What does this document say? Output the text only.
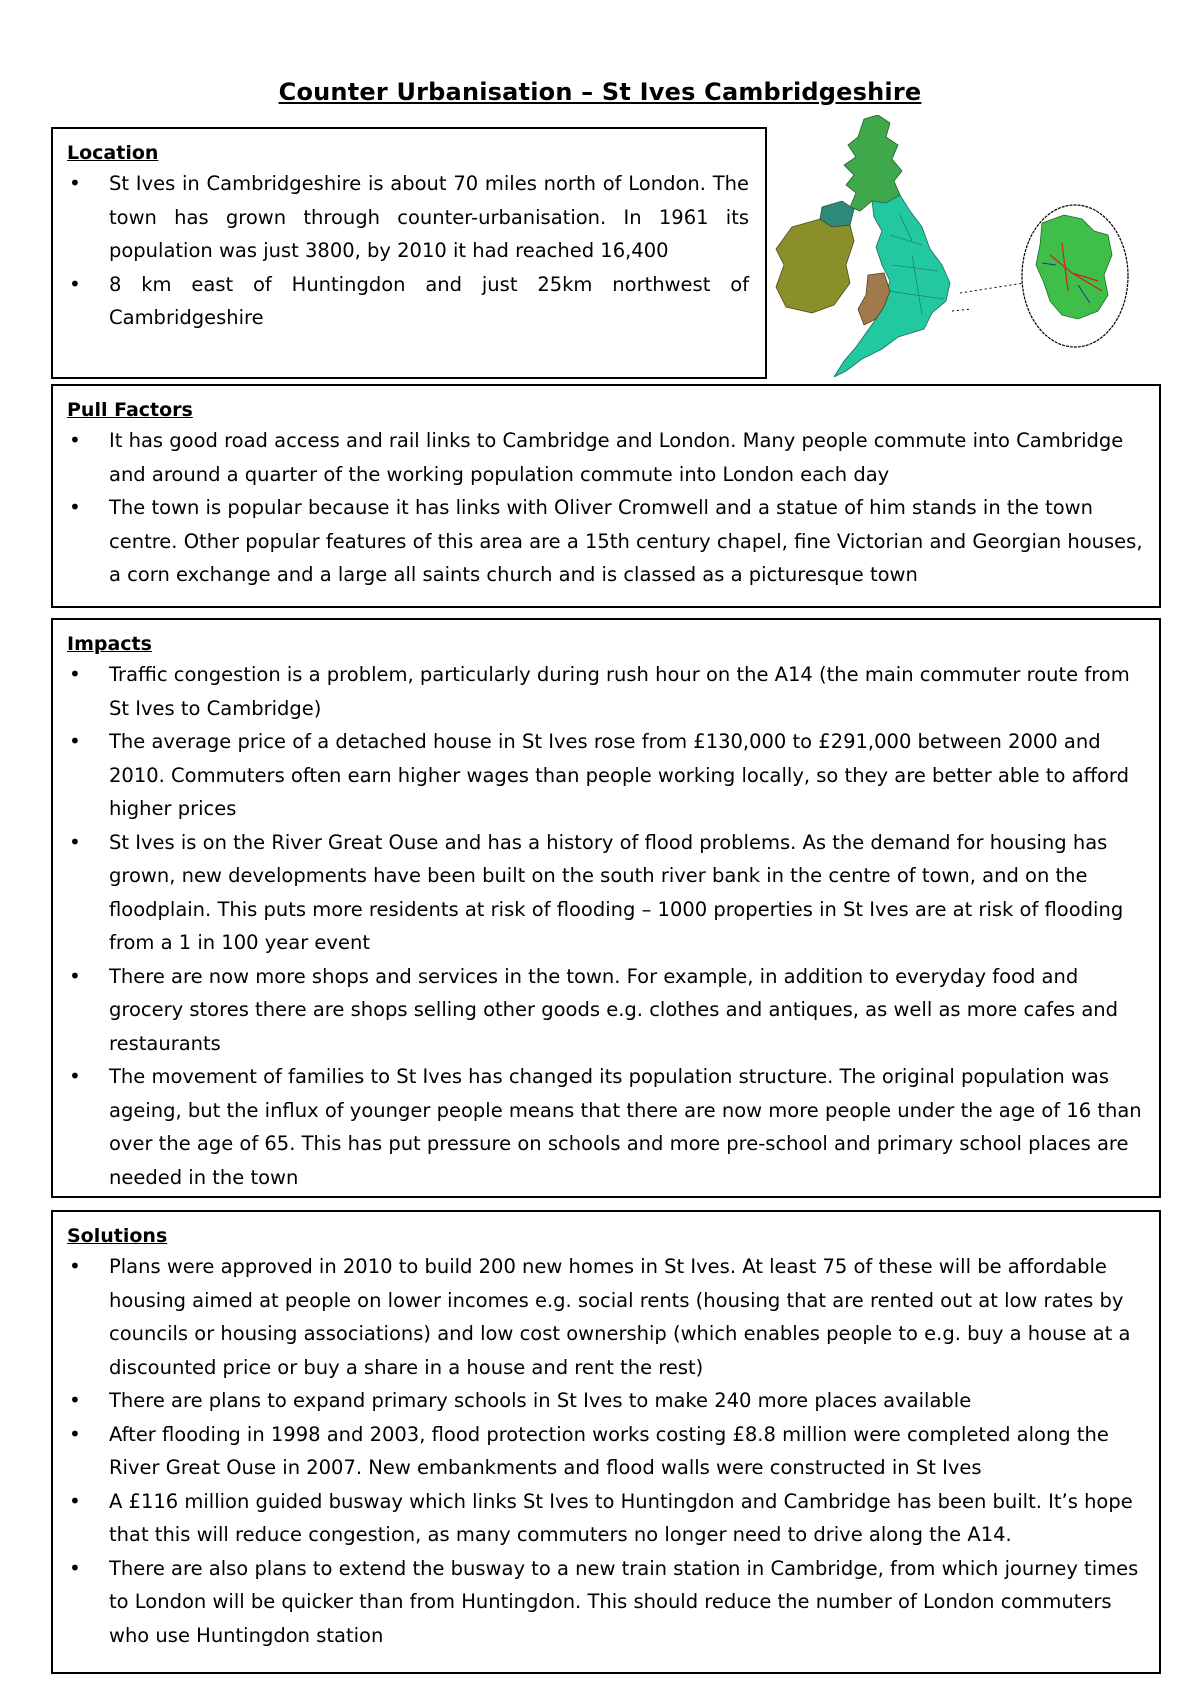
Counter Urbanisation – St Ives Cambridgeshire
Location
• St Ives in Cambridgeshire is about 70 miles north of London. The town has grown through counter-urbanisation. In 1961 its population was just 3800, by 2010 it had reached 16,400
• 8 km east of Huntingdon and just 25km northwest of Cambridgeshire
Pull Factors
• It has good road access and rail links to Cambridge and London. Many people commute into Cambridge and around a quarter of the working population commute into London each day
• The town is popular because it has links with Oliver Cromwell and a statue of him stands in the town centre. Other popular features of this area are a 15th century chapel, fine Victorian and Georgian houses, a corn exchange and a large all saints church and is classed as a picturesque town
Impacts
• Traffic congestion is a problem, particularly during rush hour on the A14 (the main commuter route from St Ives to Cambridge)
• The average price of a detached house in St Ives rose from £130,000 to £291,000 between 2000 and 2010. Commuters often earn higher wages than people working locally, so they are better able to afford higher prices
• St Ives is on the River Great Ouse and has a history of flood problems. As the demand for housing has grown, new developments have been built on the south river bank in the centre of town, and on the floodplain. This puts more residents at risk of flooding – 1000 properties in St Ives are at risk of flooding from a 1 in 100 year event
• There are now more shops and services in the town. For example, in addition to everyday food and grocery stores there are shops selling other goods e.g. clothes and antiques, as well as more cafes and restaurants
• The movement of families to St Ives has changed its population structure. The original population was ageing, but the influx of younger people means that there are now more people under the age of 16 than over the age of 65. This has put pressure on schools and more pre-school and primary school places are needed in the town
Solutions
• Plans were approved in 2010 to build 200 new homes in St Ives. At least 75 of these will be affordable housing aimed at people on lower incomes e.g. social rents (housing that are rented out at low rates by councils or housing associations) and low cost ownership (which enables people to e.g. buy a house at a discounted price or buy a share in a house and rent the rest)
• There are plans to expand primary schools in St Ives to make 240 more places available
• After flooding in 1998 and 2003, flood protection works costing £8.8 million were completed along the River Great Ouse in 2007. New embankments and flood walls were constructed in St Ives
• A £116 million guided busway which links St Ives to Huntingdon and Cambridge has been built. It’s hope that this will reduce congestion, as many commuters no longer need to drive along the A14.
• There are also plans to extend the busway to a new train station in Cambridge, from which journey times to London will be quicker than from Huntingdon. This should reduce the number of London commuters who use Huntingdon station
